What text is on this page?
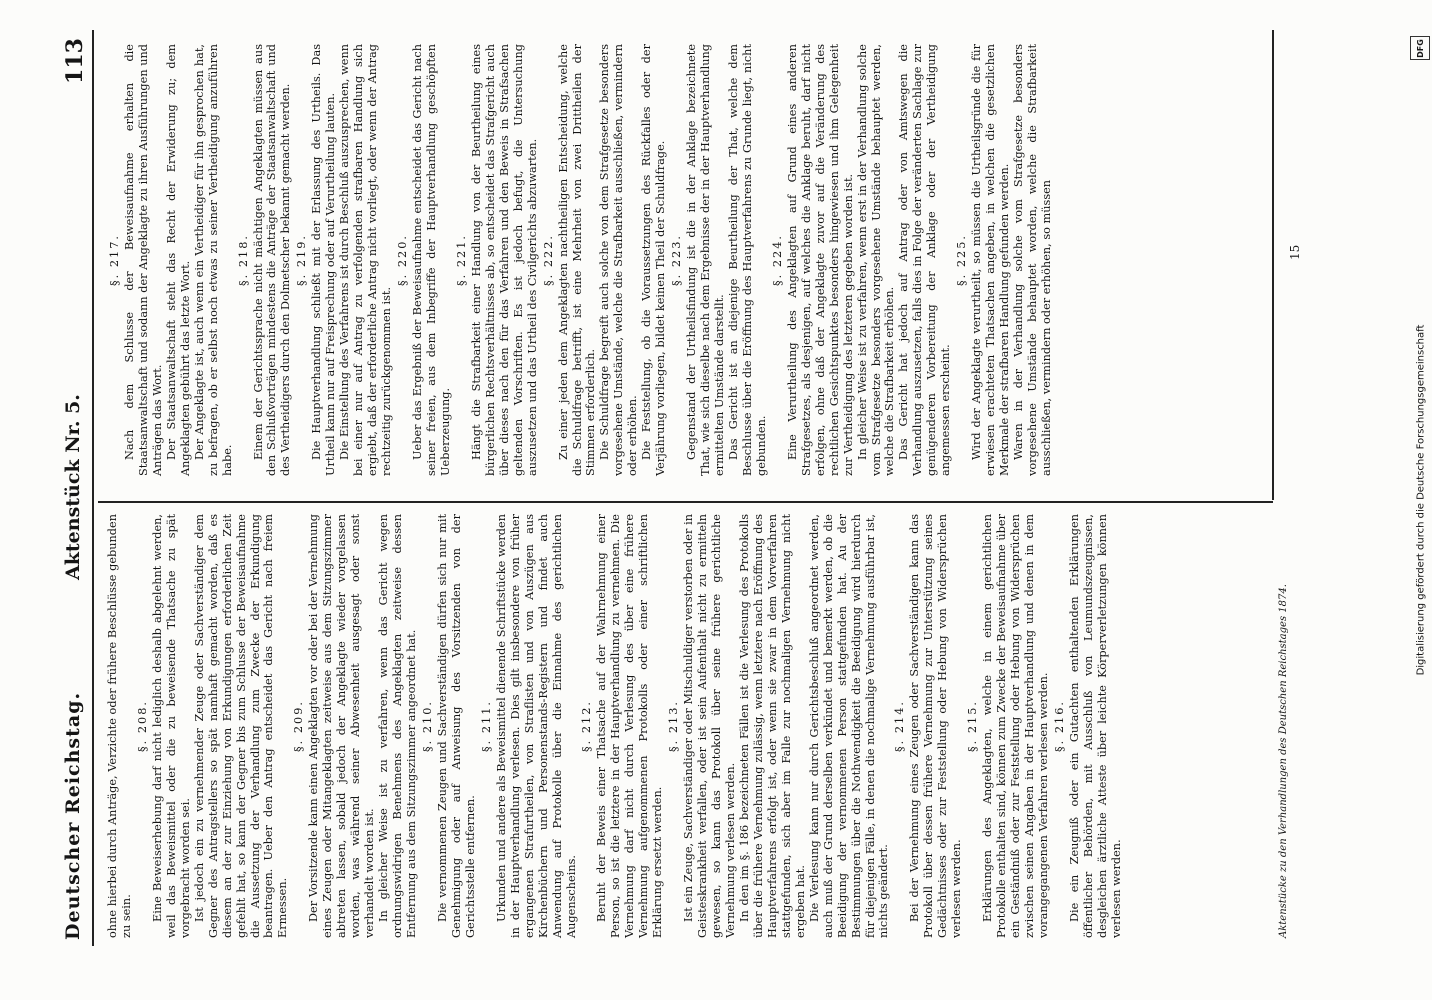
Deutscher Reichstag.
Aktenstück Nr. 5.
113

ohne hierbei durch Anträge, Verzichte oder frühere Beschlüsse gebunden zu sein.

§. 208. Eine Beweiserhebung darf nicht lediglich deshalb abgelehnt werden, weil das Beweismittel oder die zu beweisende Thatsache zu spät vorgebracht worden sei. Ist jedoch ein zu vernehmender Zeuge oder Sachverständiger dem Gegner des Antragstellers so spät namhaft gemacht worden, daß es diesem an der zur Einziehung von Erkundigungen erforderlichen Zeit gefehlt hat, so kann der Gegner bis zum Schlusse der Beweisaufnahme die Aussetzung der Verhandlung zum Zwecke der Erkundigung beantragen. Ueber den Antrag entscheidet das Gericht nach freiem Ermessen.

§. 209. Der Vorsitzende kann einen Angeklagten vor oder bei der Vernehmung eines Zeugen oder Mitangeklagten zeitweise aus dem Sitzungszimmer abtreten lassen, sobald jedoch der Angeklagte wieder vorgelassen worden, was während seiner Abwesenheit ausgesagt oder sonst verhandelt worden ist. In gleicher Weise ist zu verfahren, wenn das Gericht wegen ordnungswidrigen Benehmens des Angeklagten zeitweise dessen Entfernung aus dem Sitzungszimmer angeordnet hat. §. 210. Die vernommenen Zeugen und Sachverständigen dürfen sich nur mit Genehmigung oder auf Anweisung des Vorsitzenden von der Gerichtsstelle entfernen.

§. 211. Urkunden und andere als Beweismittel dienende Schriftstücke werden in der Hauptverhandlung verlesen. Dies gilt insbesondere von früher ergangenen Strafurtheilen, von Straflisten und von Auszügen aus Kirchenbüchern und Personenstands-Registern und findet auch Anwendung auf Protokolle über die Einnahme des gerichtlichen Augenscheins.

§. 212. Beruht der Beweis einer Thatsache auf der Wahrnehmung einer Person, so ist die letztere in der Hauptverhandlung zu vernehmen. Die Vernehmung darf nicht durch Verlesung des über eine frühere Vernehmung aufgenommenen Protokolls oder einer schriftlichen Erklärung ersetzt werden.

§. 213. Ist ein Zeuge, Sachverständiger oder Mitschuldiger verstorben oder in Geisteskrankheit verfallen, oder ist sein Aufenthalt nicht zu ermitteln gewesen, so kann das Protokoll über seine frühere gerichtliche Vernehmung verlesen werden. In den im §. 186 bezeichneten Fällen ist die Verlesung des Protokolls über die frühere Vernehmung zulässig, wenn letztere nach Eröffnung des Hauptverfahrens erfolgt ist, oder wenn sie zwar in dem Vorverfahren stattgefunden, sich aber im Falle zur nochmaligen Vernehmung nicht ergeben hat. Die Verlesung kann nur durch Gerichtsbeschluß angeordnet werden, auch muß der Grund derselben verkündet und bemerkt werden, ob die Beeidigung der vernommenen Person stattgefunden hat. Au der Bestimmungen über die Nothwendigkeit die Beeidigung wird hierdurch für diejenigen Fälle, in denen die nochmalige Vernehmung ausführbar ist, nichts geändert.

§. 214. Bei der Vernehmung eines Zeugen oder Sachverständigen kann das Protokoll über dessen frühere Vernehmung zur Unterstützung seines Gedächtnisses oder zur Feststellung oder Hebung von Widersprüchen verlesen werden.

§. 215. Erklärungen des Angeklagten, welche in einem gerichtlichen Protokolle enthalten sind, können zum Zwecke der Beweisaufnahme über ein Geständniß oder zur Feststellung oder Hebung von Widersprüchen zwischen seinen Angaben in der Hauptverhandlung und denen in dem vorangegangenen Verfahren verlesen werden. §. 216. Die ein Zeugniß oder ein Gutachten enthaltenden Erklärungen öffentlicher Behörden, mit Ausschluß von Leumundszeugnissen, desgleichen ärztliche Atteste über leichte Körperverletzungen können verlesen werden.

§. 217. Nach dem Schlusse der Beweisaufnahme erhalten die Staatsanwaltschaft und sodann der Angeklagte zu ihren Ausführungen und Anträgen das Wort. Der Staatsanwaltschaft steht das Recht der Erwiderung zu; dem Angeklagten gebührt das letzte Wort. Der Angeklagte ist, auch wenn ein Vertheidiger für ihn gesprochen hat, zu befragen, ob er selbst noch etwas zu seiner Vertheidigung anzuführen habe.

§. 218. Einem der Gerichtssprache nicht mächtigen Angeklagten müssen aus den Schlußvorträgen mindestens die Anträge der Staatsanwaltschaft und des Vertheidigers durch den Dolmetscher bekannt gemacht werden. §. 219. Die Hauptverhandlung schließt mit der Erlassung des Urtheils. Das Urtheil kann nur auf Freisprechung oder auf Verurtheilung lauten. Die Einstellung des Verfahrens ist durch Beschluß auszusprechen, wenn bei einer nur auf Antrag zu verfolgenden strafbaren Handlung sich ergiebt, daß der erforderliche Antrag nicht vorliegt, oder wenn der Antrag rechtzeitig zurückgenommen ist.

§. 220. Ueber das Ergebniß der Beweisaufnahme entscheidet das Gericht nach seiner freien, aus dem Inbegriffe der Hauptverhandlung geschöpften Ueberzeugung.

§. 221. Hängt die Strafbarkeit einer Handlung von der Beurtheilung eines bürgerlichen Rechtsverhältnisses ab, so entscheidet das Strafgericht auch über dieses nach den für das Verfahren und den Beweis in Strafsachen geltenden Vorschriften. Es ist jedoch befugt, die Untersuchung auszusetzen und das Urtheil des Civilgerichts abzuwarten. §. 222. Zu einer jeden dem Angeklagten nachtheiligen Entscheidung, welche die Schuldfrage betrifft, ist eine Mehrheit von zwei Drittheilen der Stimmen erforderlich. Die Schuldfrage begreift auch solche von dem Strafgesetze besonders vorgesehene Umstände, welche die Strafbarkeit ausschließen, vermindern oder erhöhen. Die Feststellung, ob die Voraussetzungen des Rückfalles oder der Verjährung vorliegen, bildet keinen Theil der Schuldfrage. §. 223. Gegenstand der Urtheilsfindung ist die in der Anklage bezeichnete That, wie sich dieselbe nach dem Ergebnisse der in der Hauptverhandlung ermittelten Umstände darstellt. Das Gericht ist an diejenige Beurtheilung der That, welche dem Beschlusse über die Eröffnung des Hauptverfahrens zu Grunde liegt, nicht gebunden.

§. 224. Eine Verurtheilung des Angeklagten auf Grund eines anderen Strafgesetzes, als desjenigen, auf welches die Anklage beruht, darf nicht erfolgen, ohne daß der Angeklagte zuvor auf die Veränderung des rechtlichen Gesichtspunktes besonders hingewiesen und ihm Gelegenheit zur Vertheidigung des letzteren gegeben worden ist. In gleicher Weise ist zu verfahren, wenn erst in der Verhandlung solche vom Strafgesetze besonders vorgesehene Umstände behauptet werden, welche die Strafbarkeit erhöhen. Das Gericht hat jedoch auf Antrag oder von Amtswegen die Verhandlung auszusetzen, falls dies in Folge der veränderten Sachlage zur genügenderen Vorbereitung der Anklage oder der Vertheidigung angemessen erscheint.

§. 225. Wird der Angeklagte verurtheilt, so müssen die Urtheilsgründe die für erwiesen erachteten Thatsachen angeben, in welchen die gesetzlichen Merkmale der strafbaren Handlung gefunden werden. Waren in der Verhandlung solche vom Strafgesetze besonders vorgesehene Umstände behauptet worden, welche die Strafbarkeit ausschließen, vermindern oder erhöhen, so müssen

Aktenstücke zu den Verhandlungen des Deutschen Reichstages 1874.
15
DFG
Digitalisierung gefördert durch die Deutsche Forschungsgemeinschaft
